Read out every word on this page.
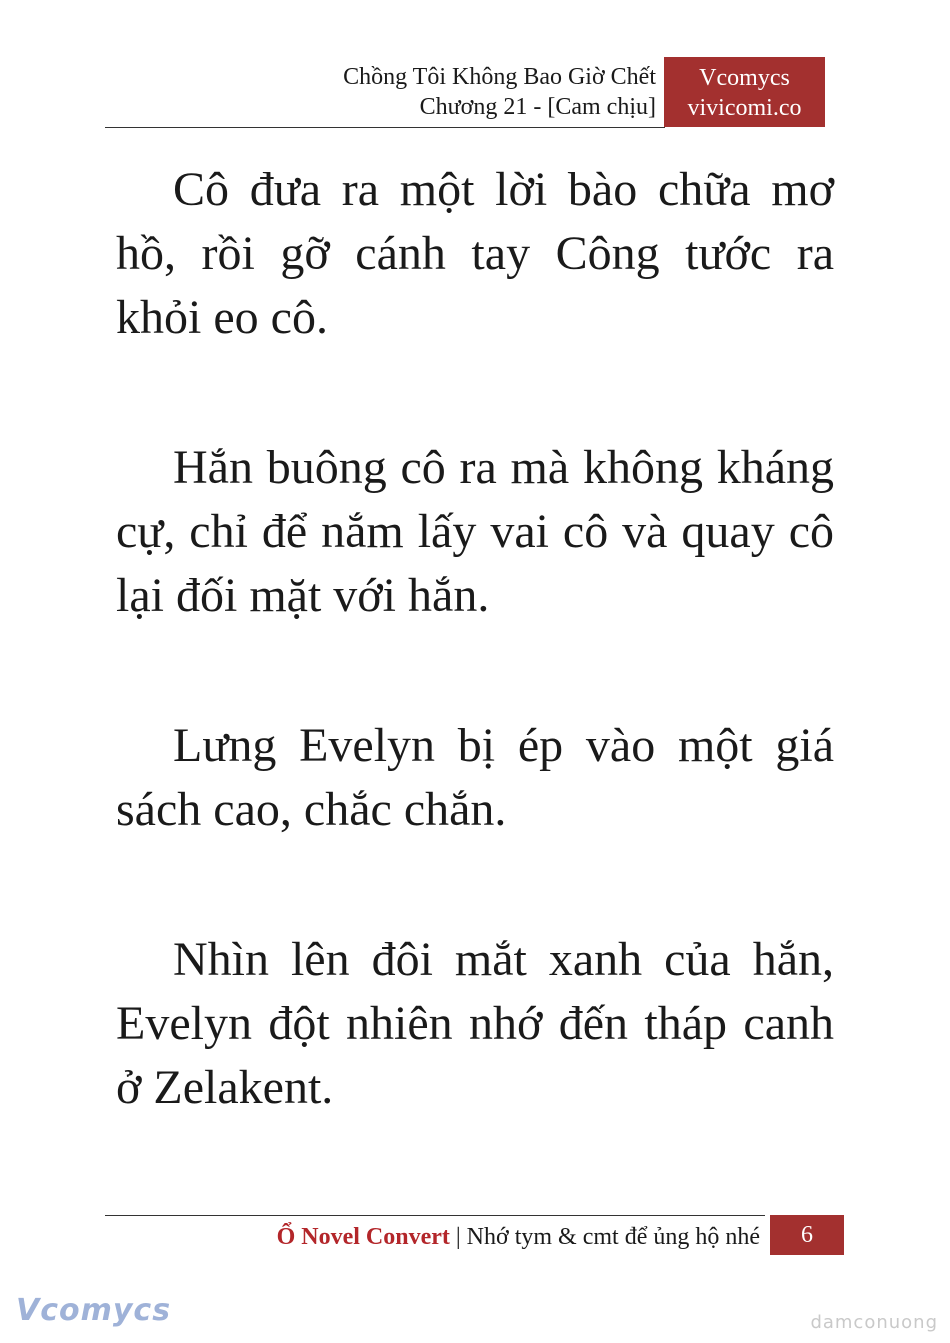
Chồng Tôi Không Bao Giờ Chết
Chương 21 - [Cam chịu]
Vcomycs
vivicomi.co

Cô đưa ra một lời bào chữa mơ hồ, rồi gỡ cánh tay Công tước ra khỏi eo cô.

Hắn buông cô ra mà không kháng cự, chỉ để nắm lấy vai cô và quay cô lại đối mặt với hắn.

Lưng Evelyn bị ép vào một giá sách cao, chắc chắn.

Nhìn lên đôi mắt xanh của hắn, Evelyn đột nhiên nhớ đến tháp canh ở Zelakent.

Ổ Novel Convert | Nhớ tym & cmt để ủng hộ nhé	6
Vcomycs	damconuong
